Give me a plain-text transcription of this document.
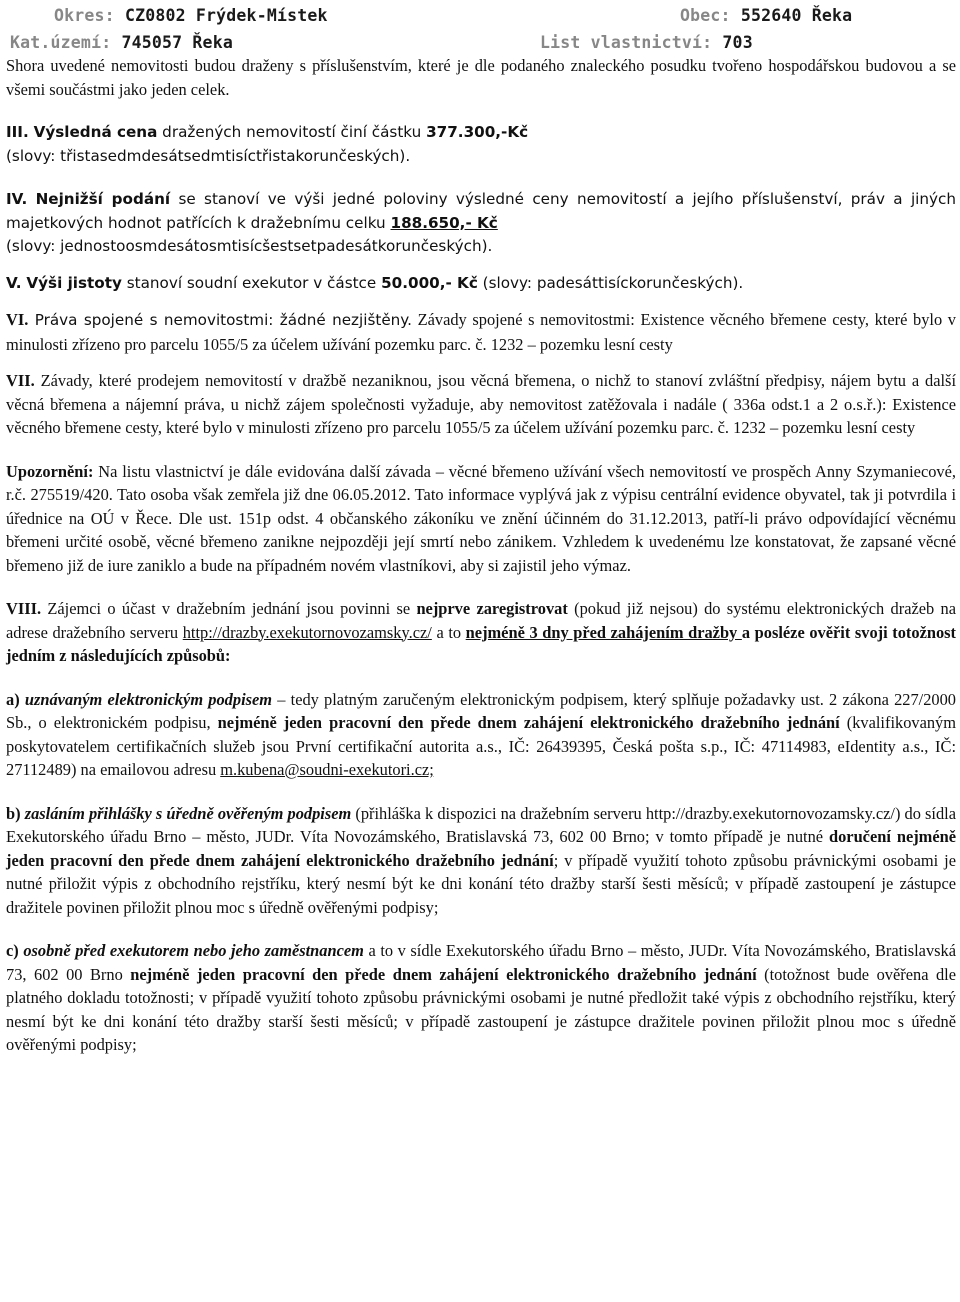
Okres: CZ0802 Frýdek-Místek	Obec: 552640 Řeka
Kat.území: 745057 Řeka	List vlastnictví: 703

Shora uvedené nemovitosti budou draženy s příslušenstvím, které je dle podaného znaleckého posudku tvořeno hospodářskou budovou a se všemi součástmi jako jeden celek.

III. Výsledná cena dražených nemovitostí činí částku 377.300,-Kč
(slovy: třistasedmdesátsedmtisíctřistakorunčeských).

IV. Nejnižší podání se stanoví ve výši jedné poloviny výsledné ceny nemovitostí a jejího příslušenství, práv a jiných majetkových hodnot patřících k dražebnímu celku 188.650,- Kč
(slovy: jednostoosmdesátosmtisícšestsetpadesátkorunčeských).

V. Výši jistoty stanoví soudní exekutor v částce 50.000,- Kč (slovy: padesáttisíckorunčeských).

VI. Práva spojené s nemovitostmi: žádné nezjištěny. Závady spojené s nemovitostmi: Existence věcného břemene cesty, které bylo v minulosti zřízeno pro parcelu 1055/5 za účelem užívání pozemku parc. č. 1232 – pozemku lesní cesty

VII. Závady, které prodejem nemovitostí v dražbě nezaniknou, jsou věcná břemena, o nichž to stanoví zvláštní předpisy, nájem bytu a další věcná břemena a nájemní práva, u nichž zájem společnosti vyžaduje, aby nemovitost zatěžovala i nadále ( 336a odst.1 a 2 o.s.ř.): Existence věcného břemene cesty, které bylo v minulosti zřízeno pro parcelu 1055/5 za účelem užívání pozemku parc. č. 1232 – pozemku lesní cesty

Upozornění: Na listu vlastnictví je dále evidována další závada – věcné břemeno užívání všech nemovitostí ve prospěch Anny Szymaniecové, r.č. 275519/420. Tato osoba však zemřela již dne 06.05.2012. Tato informace vyplývá jak z výpisu centrální evidence obyvatel, tak ji potvrdila i úřednice na OÚ v Řece. Dle ust. 151p odst. 4 občanského zákoníku ve znění účinném do 31.12.2013, patří-li právo odpovídající věcnému břemeni určité osobě, věcné břemeno zanikne nejpozději její smrtí nebo zánikem. Vzhledem k uvedenému lze konstatovat, že zapsané věcné břemeno již de iure zaniklo a bude na případném novém vlastníkovi, aby si zajistil jeho výmaz.

VIII. Zájemci o účast v dražebním jednání jsou povinni se nejprve zaregistrovat (pokud již nejsou) do systému elektronických dražeb na adrese dražebního serveru http://drazby.exekutornovozamsky.cz/ a to nejméně 3 dny před zahájením dražby a posléze ověřit svoji totožnost jedním z následujících způsobů:

a) uznávaným elektronickým podpisem – tedy platným zaručeným elektronickým podpisem, který splňuje požadavky ust. 2 zákona 227/2000 Sb., o elektronickém podpisu, nejméně jeden pracovní den přede dnem zahájení elektronického dražebního jednání (kvalifikovaným poskytovatelem certifikačních služeb jsou První certifikační autorita a.s., IČ: 26439395, Česká pošta s.p., IČ: 47114983, eIdentity a.s., IČ: 27112489) na emailovou adresu m.kubena@soudni-exekutori.cz;

b) zasláním přihlášky s úředně ověřeným podpisem (přihláška k dispozici na dražebním serveru http://drazby.exekutornovozamsky.cz/) do sídla Exekutorského úřadu Brno – město, JUDr. Víta Novozámského, Bratislavská 73, 602 00 Brno; v tomto případě je nutné doručení nejméně jeden pracovní den přede dnem zahájení elektronického dražebního jednání; v případě využití tohoto způsobu právnickými osobami je nutné přiložit výpis z obchodního rejstříku, který nesmí být ke dni konání této dražby starší šesti měsíců; v případě zastoupení je zástupce dražitele povinen přiložit plnou moc s úředně ověřenými podpisy;

c) osobně před exekutorem nebo jeho zaměstnancem a to v sídle Exekutorského úřadu Brno – město, JUDr. Víta Novozámského, Bratislavská 73, 602 00 Brno nejméně jeden pracovní den přede dnem zahájení elektronického dražebního jednání (totožnost bude ověřena dle platného dokladu totožnosti; v případě využití tohoto způsobu právnickými osobami je nutné předložit také výpis z obchodního rejstříku, který nesmí být ke dni konání této dražby starší šesti měsíců; v případě zastoupení je zástupce dražitele povinen přiložit plnou moc s úředně ověřenými podpisy;
